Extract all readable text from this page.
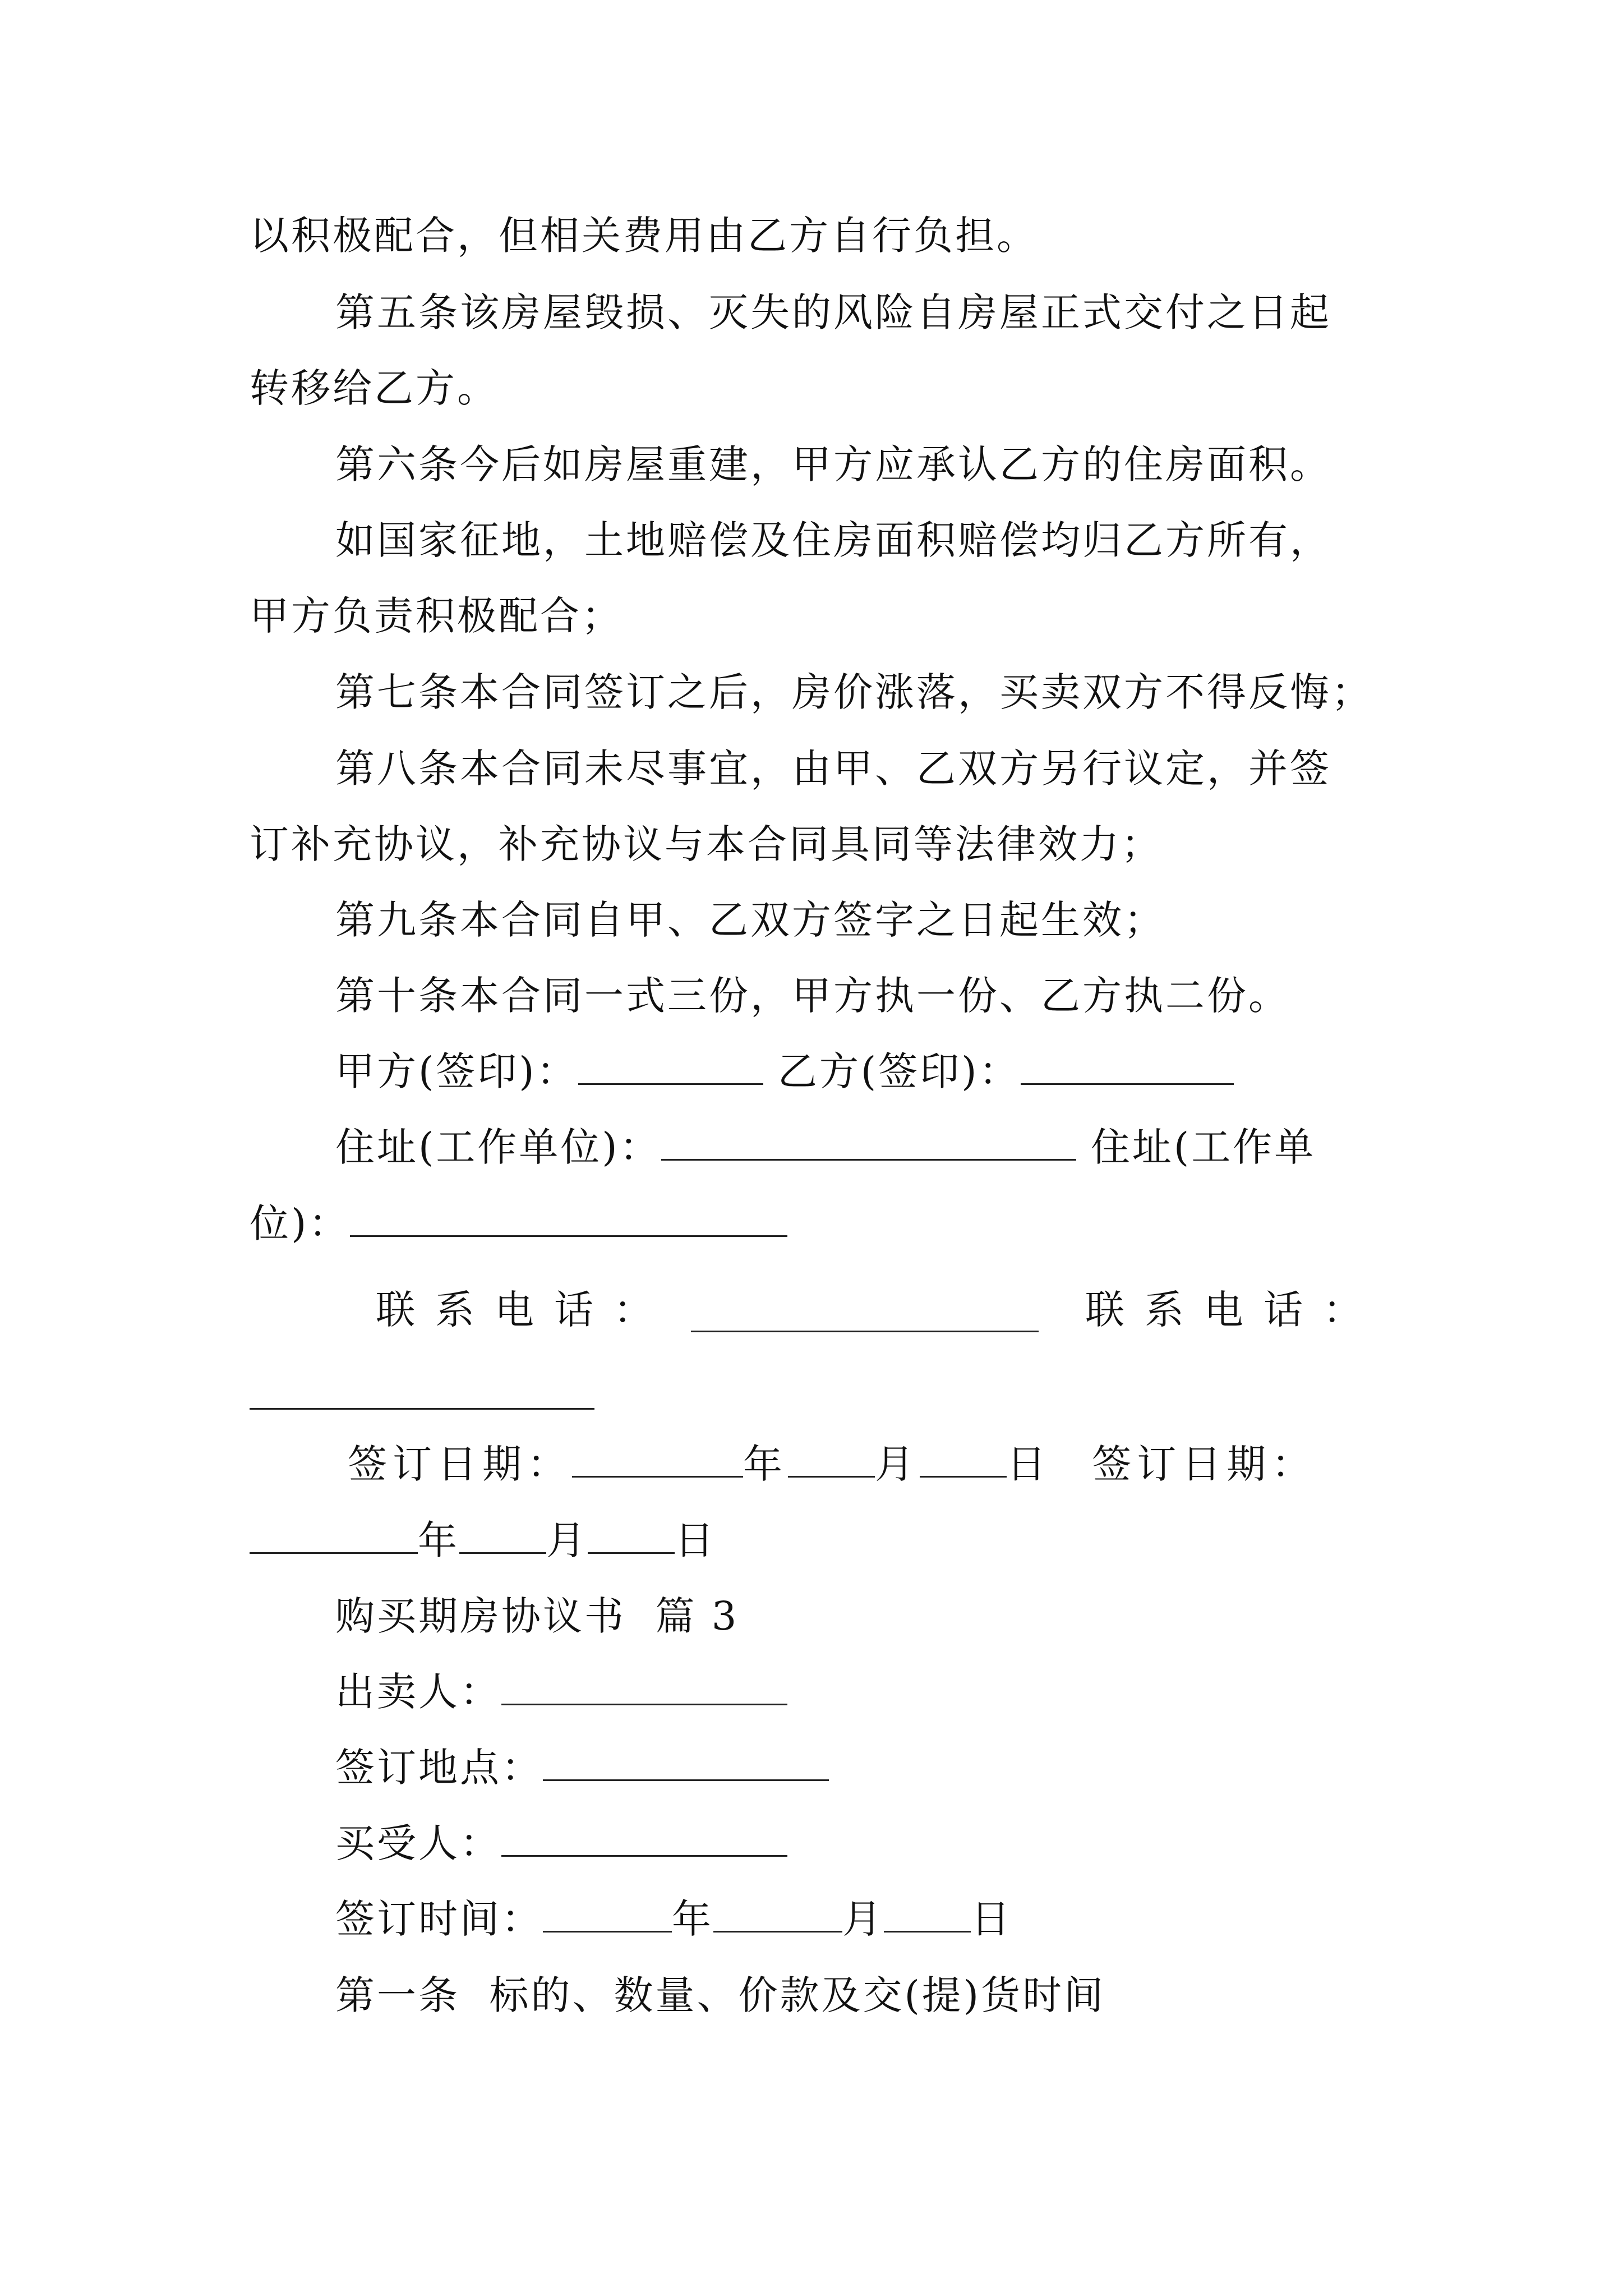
以积极配合，但相关费用由乙方自行负担。

第五条该房屋毁损、灭失的风险自房屋正式交付之日起

转移给乙方。

第六条今后如房屋重建，甲方应承认乙方的住房面积。

如国家征地，土地赔偿及住房面积赔偿均归乙方所有，

甲方负责积极配合；

第七条本合同签订之后，房价涨落，买卖双方不得反悔；

第八条本合同未尽事宜，由甲、乙双方另行议定，并签

订补充协议，补充协议与本合同具同等法律效力；

第九条本合同自甲、乙双方签字之日起生效；

第十条本合同一式三份，甲方执一份、乙方执二份。

甲方(签印)：	乙方(签印)：

住址(工作单位)：	住址(工作单

位)：

联系电话：	联系电话：

签订日期：	年 月 日 签订日期：

年 月 日

购买期房协议书  篇 3

出卖人：

签订地点：

买受人：

签订时间：	年	月 日

第一条  标的、数量、价款及交(提)货时间
